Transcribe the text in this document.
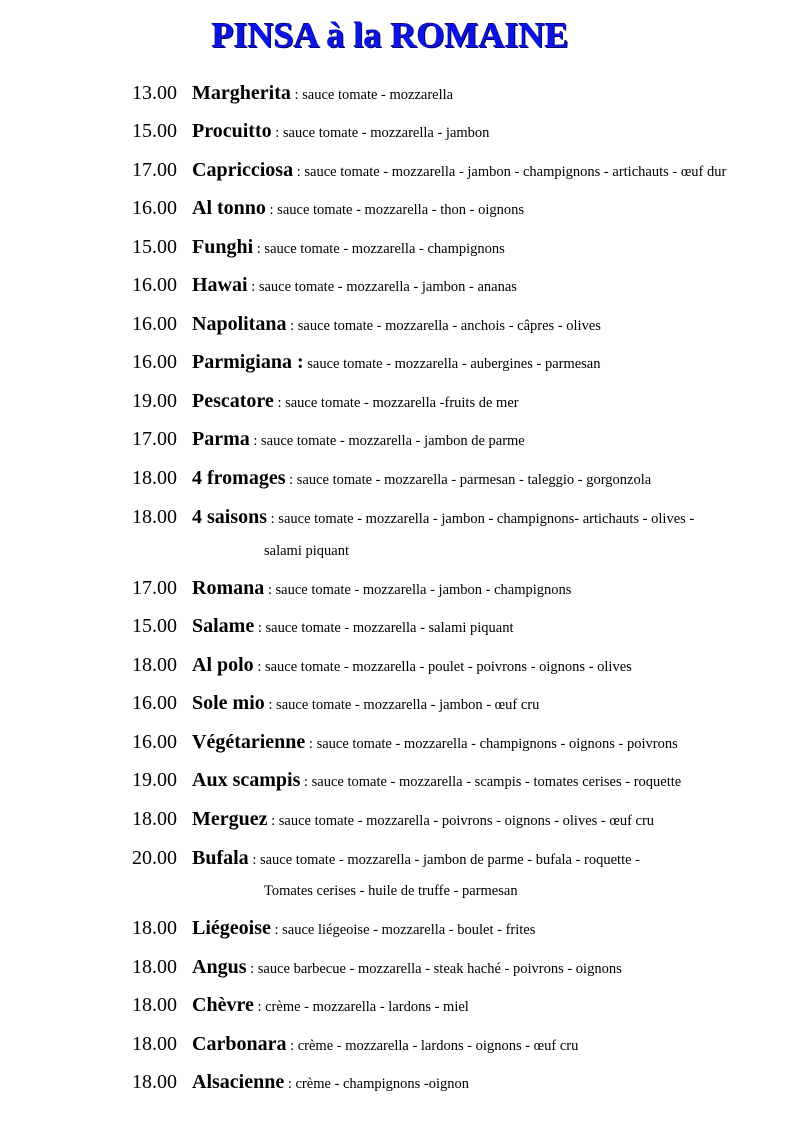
PINSA à la ROMAINE
13.00 Margherita : sauce tomate - mozzarella
15.00 Procuitto : sauce tomate - mozzarella - jambon
17.00 Capricciosa : sauce tomate - mozzarella - jambon - champignons - artichauts - œuf dur
16.00 Al tonno : sauce tomate - mozzarella - thon - oignons
15.00 Funghi : sauce tomate - mozzarella - champignons
16.00 Hawai : sauce tomate - mozzarella - jambon - ananas
16.00 Napolitana : sauce tomate - mozzarella - anchois - câpres - olives
16.00 Parmigiana : sauce tomate - mozzarella - aubergines - parmesan
19.00 Pescatore : sauce tomate - mozzarella -fruits de mer
17.00 Parma : sauce tomate - mozzarella - jambon de parme
18.00 4 fromages : sauce tomate - mozzarella - parmesan - taleggio - gorgonzola
18.00 4 saisons : sauce tomate - mozzarella - jambon - champignons- artichauts - olives -
salami piquant
17.00 Romana : sauce tomate - mozzarella - jambon - champignons
15.00 Salame : sauce tomate - mozzarella - salami piquant
18.00 Al polo : sauce tomate - mozzarella - poulet - poivrons - oignons - olives
16.00 Sole mio : sauce tomate - mozzarella - jambon - œuf cru
16.00 Végétarienne : sauce tomate - mozzarella - champignons - oignons - poivrons
19.00 Aux scampis : sauce tomate - mozzarella - scampis - tomates cerises - roquette
18.00 Merguez : sauce tomate - mozzarella - poivrons - oignons - olives - œuf cru
20.00 Bufala : sauce tomate - mozzarella - jambon de parme - bufala - roquette -
Tomates cerises - huile de truffe - parmesan
18.00 Liégeoise : sauce liégeoise - mozzarella - boulet - frites
18.00 Angus : sauce barbecue - mozzarella - steak haché - poivrons - oignons
18.00 Chèvre : crème - mozzarella - lardons - miel
18.00 Carbonara : crème - mozzarella - lardons - oignons - œuf cru
18.00 Alsacienne : crème - champignons -oignon
